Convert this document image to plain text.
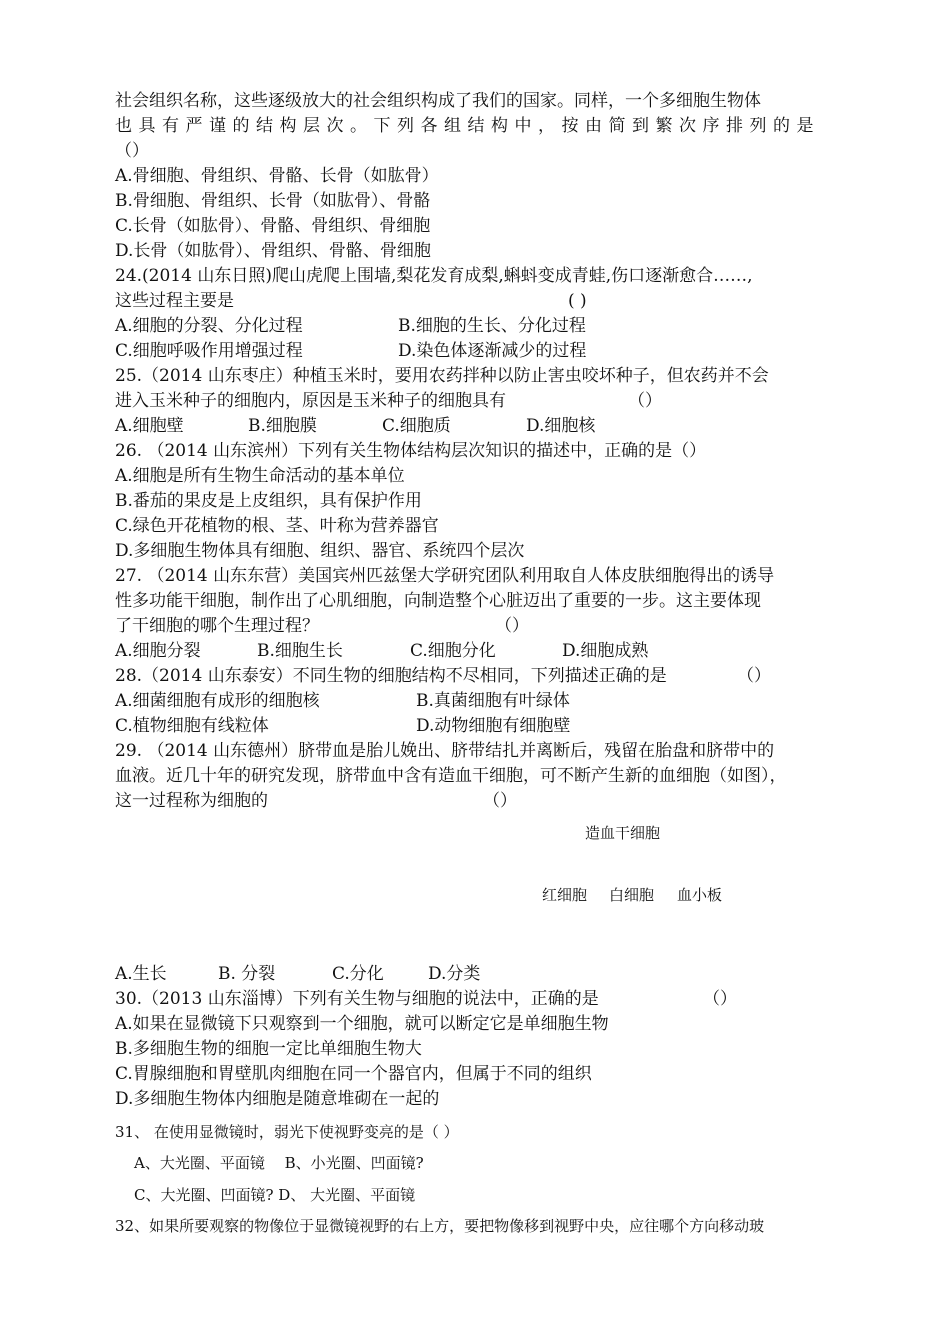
社会组织名称，这些逐级放大的社会组织构成了我们的国家。同样，一个多细胞生物体
也具有严谨的结构层次。下列各组结构中，按由简到繁次序排列的是
（）
A.骨细胞、骨组织、骨骼、长骨（如肱骨）
B.骨细胞、骨组织、长骨（如肱骨）、骨骼
C.长骨（如肱骨）、骨骼、骨组织、骨细胞
D.长骨（如肱骨）、骨组织、骨骼、骨细胞
24.(2014 山东日照)爬山虎爬上围墙,梨花发育成梨,蝌蚪变成青蛙,伤口逐渐愈合……,
这些过程主要是	( )
A.细胞的分裂、分化过程	B.细胞的生长、分化过程
C.细胞呼吸作用增强过程	D.染色体逐渐减少的过程
25.（2014 山东枣庄）种植玉米时，要用农药拌种以防止害虫咬坏种子，但农药并不会
进入玉米种子的细胞内，原因是玉米种子的细胞具有	（）
A.细胞壁	B.细胞膜	C.细胞质	D.细胞核
26. （2014 山东滨州）下列有关生物体结构层次知识的描述中，正确的是（）
A.细胞是所有生物生命活动的基本单位
B.番茄的果皮是上皮组织，具有保护作用
C.绿色开花植物的根、茎、叶称为营养器官
D.多细胞生物体具有细胞、组织、器官、系统四个层次
27. （2014 山东东营）美国宾州匹兹堡大学研究团队利用取自人体皮肤细胞得出的诱导
性多功能干细胞，制作出了心肌细胞，向制造整个心脏迈出了重要的一步。这主要体现
了干细胞的哪个生理过程？	（）
A.细胞分裂	B.细胞生长	C.细胞分化	D.细胞成熟
28.（2014 山东泰安）不同生物的细胞结构不尽相同，下列描述正确的是	（）
A.细菌细胞有成形的细胞核	B.真菌细胞有叶绿体
C.植物细胞有线粒体	D.动物细胞有细胞壁
29. （2014 山东德州）脐带血是胎儿娩出、脐带结扎并离断后，残留在胎盘和脐带中的
血液。近几十年的研究发现，脐带血中含有造血干细胞，可不断产生新的血细胞（如图），
这一过程称为细胞的	（）
造血干细胞
红细胞 白细胞 血小板
A.生长	B. 分裂	C.分化	D.分类
30.（2013 山东淄博）下列有关生物与细胞的说法中，正确的是	（）
A.如果在显微镜下只观察到一个细胞，就可以断定它是单细胞生物
B.多细胞生物的细胞一定比单细胞生物大
C.胃腺细胞和胃壁肌肉细胞在同一个器官内，但属于不同的组织
D.多细胞生物体内细胞是随意堆砌在一起的
31、 在使用显微镜时，弱光下使视野变亮的是（ ）
A、大光圈、平面镜　 B、小光圈、凹面镜?
C、大光圈、凹面镜? D、 大光圈、平面镜
32、如果所要观察的物像位于显微镜视野的右上方，要把物像移到视野中央，应往哪个方向移动玻
